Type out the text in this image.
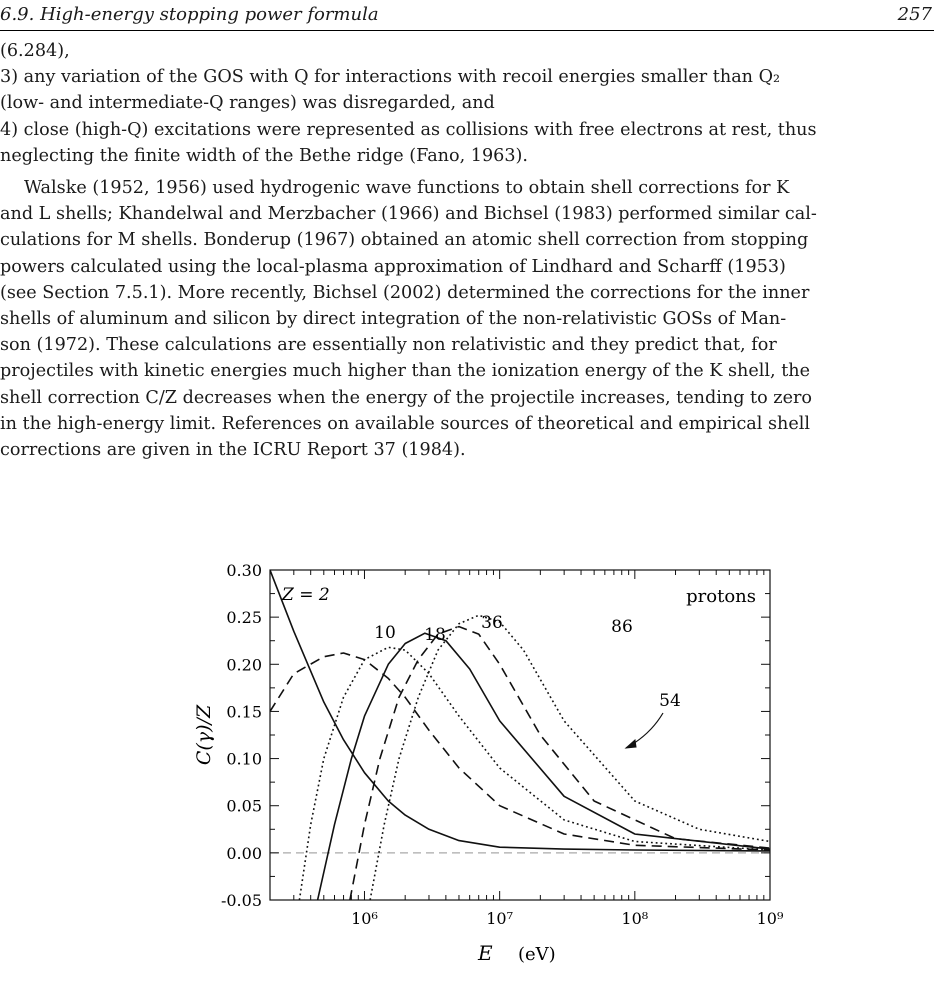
6.9. High-energy stopping power formula	257
(6.284),
3) any variation of the GOS with Q for interactions with recoil energies smaller than Q₂
(low- and intermediate-Q ranges) was disregarded, and
4) close (high-Q) excitations were represented as collisions with free electrons at rest, thus
neglecting the finite width of the Bethe ridge (Fano, 1963).
Walske (1952, 1956) used hydrogenic wave functions to obtain shell corrections for K
and L shells; Khandelwal and Merzbacher (1966) and Bichsel (1983) performed similar cal-
culations for M shells. Bonderup (1967) obtained an atomic shell correction from stopping
powers calculated using the local-plasma approximation of Lindhard and Scharff (1953)
(see Section 7.5.1). More recently, Bichsel (2002) determined the corrections for the inner
shells of aluminum and silicon by direct integration of the non-relativistic GOSs of Man-
son (1972). These calculations are essentially non relativistic and they predict that, for
projectiles with kinetic energies much higher than the ionization energy of the K shell, the
shell correction C/Z decreases when the energy of the projectile increases, tending to zero
in the high-energy limit. References on available sources of theoretical and empirical shell
corrections are given in the ICRU Report 37 (1984).
10⁶	10⁷	10⁸	10⁹
0.30
0.25
0.20
0.15
0.10
0.05
0.00
-0.05
protons
E (eV)
C(γ)/Z
Z = 2
10 18
36	86
54
